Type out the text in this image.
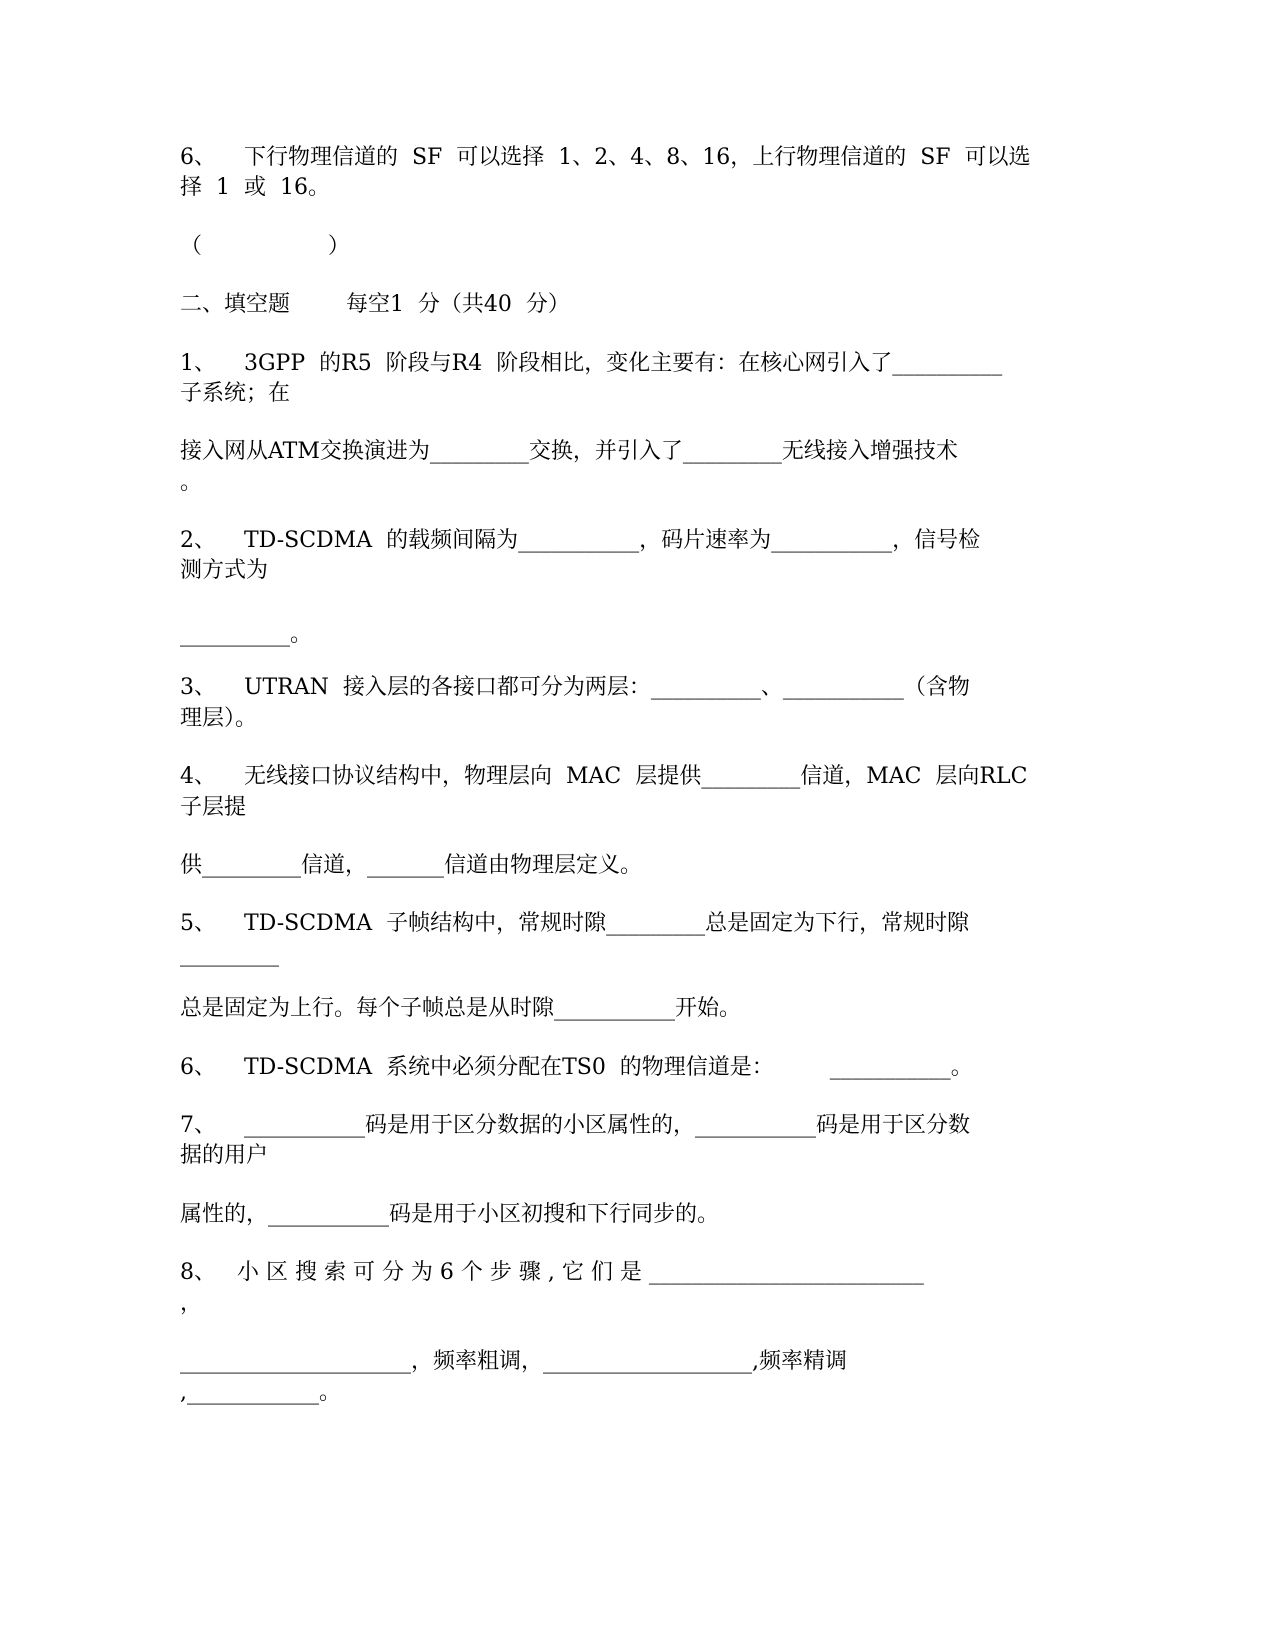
6、    下行物理信道的  SF  可以选择  1、2、4、8、16，上行物理信道的  SF  可以选

择  1  或  16。

（                  ）

二、填空题        每空1  分（共40  分）

1、    3GPP  的R5  阶段与R4  阶段相比，变化主要有：在核心网引入了__________

子系统；在

接入网从ATM交换演进为_________交换，并引入了_________无线接入增强技术

。

2、    TD-SCDMA  的载频间隔为___________，码片速率为___________，信号检

测方式为

__________。

3、    UTRAN  接入层的各接口都可分为两层：__________、___________（含物

理层）。

4、    无线接口协议结构中，物理层向  MAC  层提供_________信道，MAC  层向RLC

子层提

供_________信道，_______信道由物理层定义。

5、    TD-SCDMA  子帧结构中，常规时隙_________总是固定为下行，常规时隙

_________

总是固定为上行。每个子帧总是从时隙___________开始。

6、    TD-SCDMA  系统中必须分配在TS0  的物理信道是：        ___________。

7、    ___________码是用于区分数据的小区属性的，___________码是用于区分数

据的用户

属性的，___________码是用于小区初搜和下行同步的。

8、   小 区 搜 索 可 分 为 6 个 步 骤 , 它 们 是 _________________________

，

_____________________，频率粗调，___________________,频率精调

,____________。
